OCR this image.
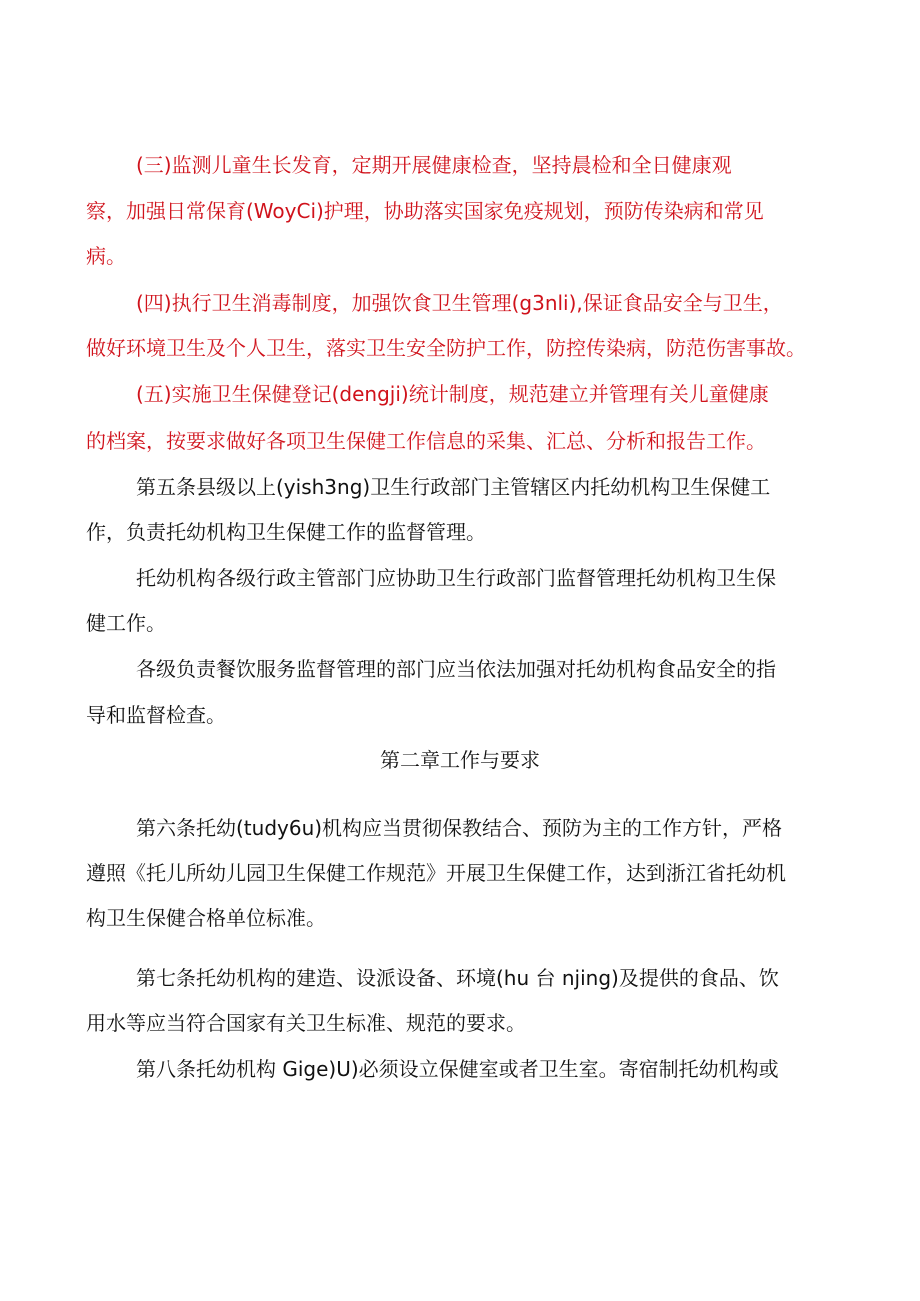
(三)监测儿童生长发育，定期开展健康检查，坚持晨检和全日健康观
察，加强日常保育(WoyCi)护理，协助落实国家免疫规划，预防传染病和常见
病。
(四)执行卫生消毒制度，加强饮食卫生管理(g3nli),保证食品安全与卫生，
做好环境卫生及个人卫生，落实卫生安全防护工作，防控传染病，防范伤害事故。
(五)实施卫生保健登记(dengji)统计制度，规范建立并管理有关儿童健康
的档案，按要求做好各项卫生保健工作信息的采集、汇总、分析和报告工作。
第五条县级以上(yish3ng)卫生行政部门主管辖区内托幼机构卫生保健工
作，负责托幼机构卫生保健工作的监督管理。
托幼机构各级行政主管部门应协助卫生行政部门监督管理托幼机构卫生保
健工作。
各级负责餐饮服务监督管理的部门应当依法加强对托幼机构食品安全的指
导和监督检查。
第二章工作与要求
第六条托幼(tudy6u)机构应当贯彻保教结合、预防为主的工作方针，严格
遵照《托儿所幼儿园卫生保健工作规范》开展卫生保健工作，达到浙江省托幼机
构卫生保健合格单位标准。
第七条托幼机构的建造、设派设备、环境(hu 台 njing)及提供的食品、饮
用水等应当符合国家有关卫生标准、规范的要求。
第八条托幼机构 Gige)U)必须设立保健室或者卫生室。寄宿制托幼机构或
